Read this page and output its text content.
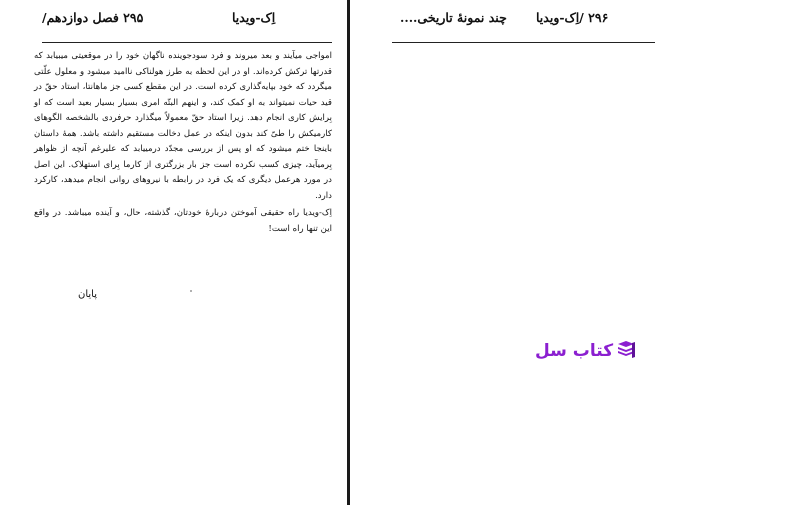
۲۹۵ فصل دوازدهم/	اِک-ویدیا

امواجی میآیند و بعد میروند و فرد سودجوینده ناگهان خود را در موقعیتی میبیابد که قدرتها ترکش کرده‌اند. او در این لحظه به طرز هولناکی ناامید میشود و معلول علّتی میگردد که خود بپایه‌گذاری کرده است. در این مقطع کسی جز ماهانتا، استاد حقّ در قید حیات نمیتواند به او کمک کند، و اینهم البتّه امری بسیار بسیار بعید است که او بِرایش کاری انجام دهد. زیرا استاد حقّ معمولاً میگذارد حرفردی بالشخصه الگوهای کارمیکش را طیّ کند بدون اینکه در عمل دخالت مستقیم داشته باشد. همهٔ داستان باینجا ختم میشود که او پس از بررسی مجدّد درمییابد که علیرغم آنچه از ظواهر بِرمیآید، چیزی کسب نکرده است جز بار بزرگتری از کارما بِرای استهلاک. این اصل در مورد هرعمل دیگری که یک فرد در رابطه با نیروهای روانی انجام میدهد، کارکرد دارد.

اِک-ویدیا راه حقیقی آموختن دربارهٔ خودتان، گذشته، حال، و آینده میباشد. در واقع این تنها راه است!

پایان
چند نمونهٔ تاریخی....	۲۹۶ /اِک-ویدیا
کتاب سل
